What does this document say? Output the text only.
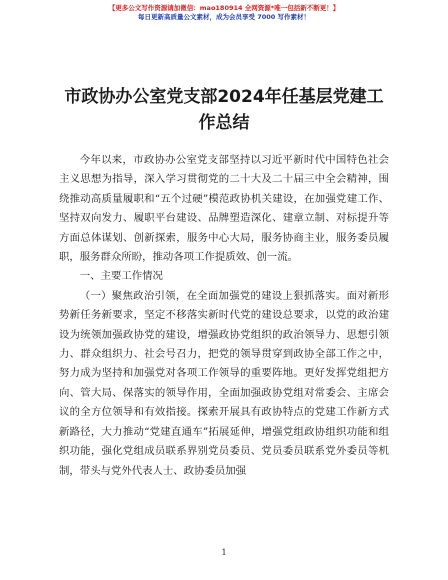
【更多公文写作资源请加微信：mao180914 全网资源*唯一包括新不断更！】
每日更新高质量公文素材，成为会员享受 7000 写作素材！
市政协办公室党支部2024年任基层党建工作总结

今年以来，市政协办公室党支部坚持以习近平新时代中国特色社会主义思想为指导，深入学习贯彻党的二十大及二十届三中全会精神，围绕推动高质量履职和“五个过硬”模范政协机关建设，在加强党建工作、坚持双向发力、履职平台建设、品牌塑造深化、建章立制、对标提升等方面总体谋划、创新探索，服务中心大局，服务协商主业，服务委员履职，服务群众所盼，推动各项工作提质效、创一流。

一、主要工作情况

（一）聚焦政治引领，在全面加强党的建设上狠抓落实。面对新形势新任务新要求，坚定不移落实新时代党的建设总要求，以党的政治建设为统领加强政协党的建设，增强政协党组织的政治领导力、思想引领力、群众组织力、社会号召力，把党的领导贯穿到政协全部工作之中，努力成为坚持和加强党对各项工作领导的重要阵地。更好发挥党组把方向、管大局、保落实的领导作用，全面加强政协党组对常委会、主席会议的全方位领导和有效指接。探索开展具有政协特点的党建工作新方式新路径，大力推动“党建直通车”拓展延伸，增强党组政协组织功能和组织功能，强化党组成员联系界别党员委员、党员委员联系党外委员等机制，带头与党外代表人士、政协委员加强

1
